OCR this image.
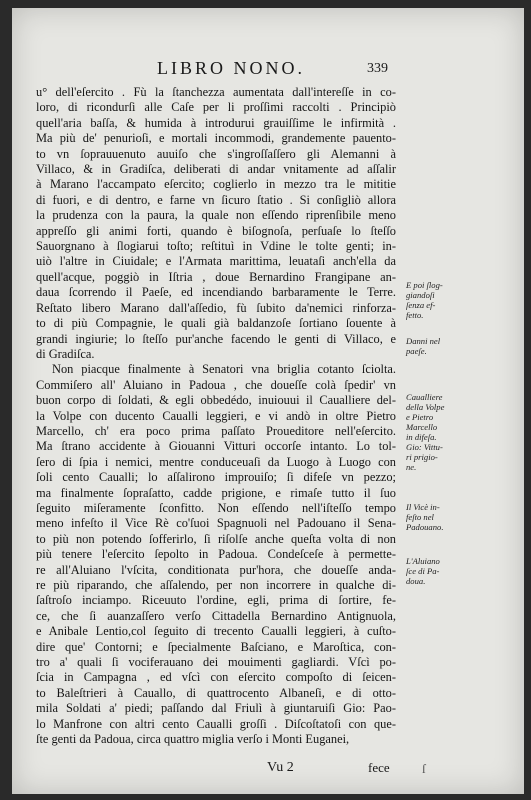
LIBRO NONO.	339
u° dell'eſercito . Fù la ſtanchezza aumentata dall'intereſſe in co-
loro, di ricondurſi alle Caſe per li proſſimi raccolti . Principiò
quell'aria baſſa, & humida à introdurui grauiſſime le infirmità .
Ma più de' penurioſi, e mortali incommodi, grandemente pauento-
to vn ſoprauuenuto auuiſo che s'ingroſſaſſero gli Alemanni à
Villaco, & in Gradiſca, deliberati di andar vnitamente ad aſſalir
à Marano l'accampato eſercito; coglierlo in mezzo tra le mititie
di fuori, e di dentro, e farne vn ſicuro ſtatio . Si conſigliò allora
la prudenza con la paura, la quale non eſſendo riprenſibile meno
appreſſo gli animi forti, quando è biſognoſa, perſuaſe lo ſteſſo
Sauorgnano à ſlogiarui toſto; reſtituì in Vdine le tolte genti; in-
uiò l'altre in Ciuidale; e l'Armata marittima, leuataſi anch'ella da
quell'acque, poggiò in Iſtria , doue Bernardino Frangipane an-
daua ſcorrendo il Paeſe, ed incendiando barbaramente le Terre.
Reſtato libero Marano dall'aſſedio, fù ſubito da'nemici rinforza-
to di più Compagnie, le quali già baldanzoſe ſortiano ſouente à
grandi ingiurie; lo ſteſſo pur'anche facendo le genti di Villaco, e
di Gradiſca.
Non piacque finalmente à Senatori vna briglia cotanto ſciolta.
Commiſero all' Aluiano in Padoua , che doueſſe colà ſpedir' vn
buon corpo di ſoldati, & egli obbedédo, inuiouui il Caualliere del-
la Volpe con ducento Caualli leggieri, e vi andò in oltre Pietro
Marcello, ch' era poco prima paſſato Proueditore nell'eſercito.
Ma ſtrano accidente à Giouanni Vitturi occorſe intanto. Lo tol-
ſero di ſpia i nemici, mentre conduceuaſi da Luogo à Luogo con
ſoli cento Caualli; lo aſſalirono improuiſo; ſi difeſe vn pezzo;
ma finalmente ſopraſatto, cadde prigione, e rimaſe tutto il ſuo
ſeguito miſeramente ſconfitto. Non eſſendo nell'iſteſſo tempo
meno infeſto il Vice Rè co'ſuoi Spagnuoli nel Padouano il Sena-
to più non potendo ſofferirlo, ſi riſolſe anche queſta volta di non
più tenere l'eſercito ſepolto in Padoua. Condeſceſe à permette-
re all'Aluiano l'vſcita, conditionata pur'hora, che doueſſe anda-
re più riparando, che aſſalendo, per non incorrere in qualche di-
ſaſtroſo inciampo. Riceuuto l'ordine, egli, prima di ſortire, fe-
ce, che ſi auanzaſſero verſo Cittadella Bernardino Antignuola,
e Anibale Lentio,col ſeguito di trecento Caualli leggieri, à cuſto-
dire que' Contorni; e ſpecialmente Baſciano, e Maroſtica, con-
tro a' quali ſi vociferauano dei mouimenti gagliardi. Vſcì po-
ſcia in Campagna , ed vſcì con eſercito compoſto di ſeicen-
to Baleſtrieri à Cauallo, di quattrocento Albaneſi, e di otto-
mila Soldati a' piedi; paſſando dal Friulì à giuntaruiſi Gio: Pao-
lo Manfrone con altri cento Caualli groſſi . Diſcoſtatoſi con que-
ſte genti da Padoua, circa quattro miglia verſo i Monti Euganei,
E poi ſlog-
giandoſi
ſenza ef-
fetto.
Danni nel
paeſe.
Caualliere
della Volpe
e Pietro
Marcello
in difeſa.
Gio: Vittu-
ri prigio-
ne.
Il Vicè in-
feſto nel
Padouano.
L'Aluiano
ſce di Pa-
doua.
Vu 2	fece ſ
